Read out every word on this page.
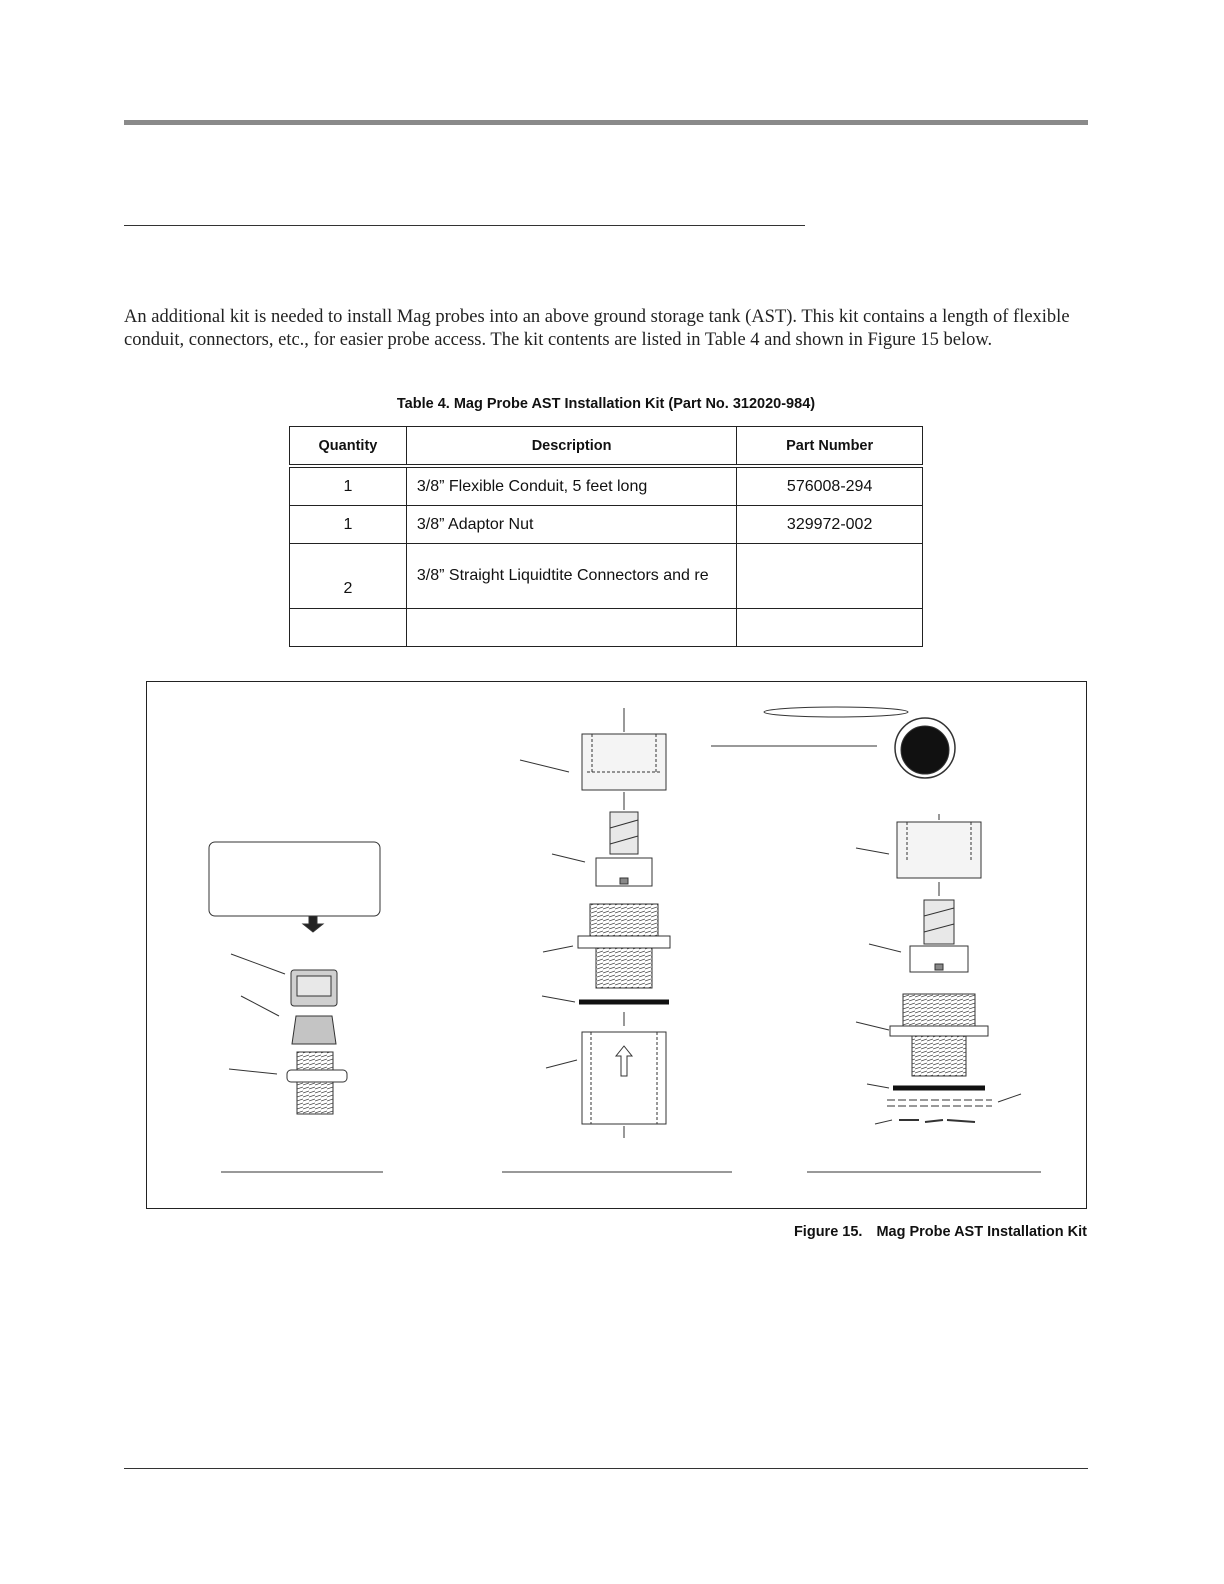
An additional kit is needed to install Mag probes into an above ground storage tank (AST). This kit contains a length of flexible conduit, connectors, etc., for easier probe access. The kit contents are listed in Table 4 and shown in Figure 15 below.

Table 4. Mag Probe AST Installation Kit (Part No. 312020-984)
Quantity	Description	Part Number
1	3/8” Flexible Conduit, 5 feet long	576008-294
1	3/8” Adaptor Nut	329972-002
2	3/8” Straight Liquidtite Connectors and re	

Figure 15. Mag Probe AST Installation Kit
